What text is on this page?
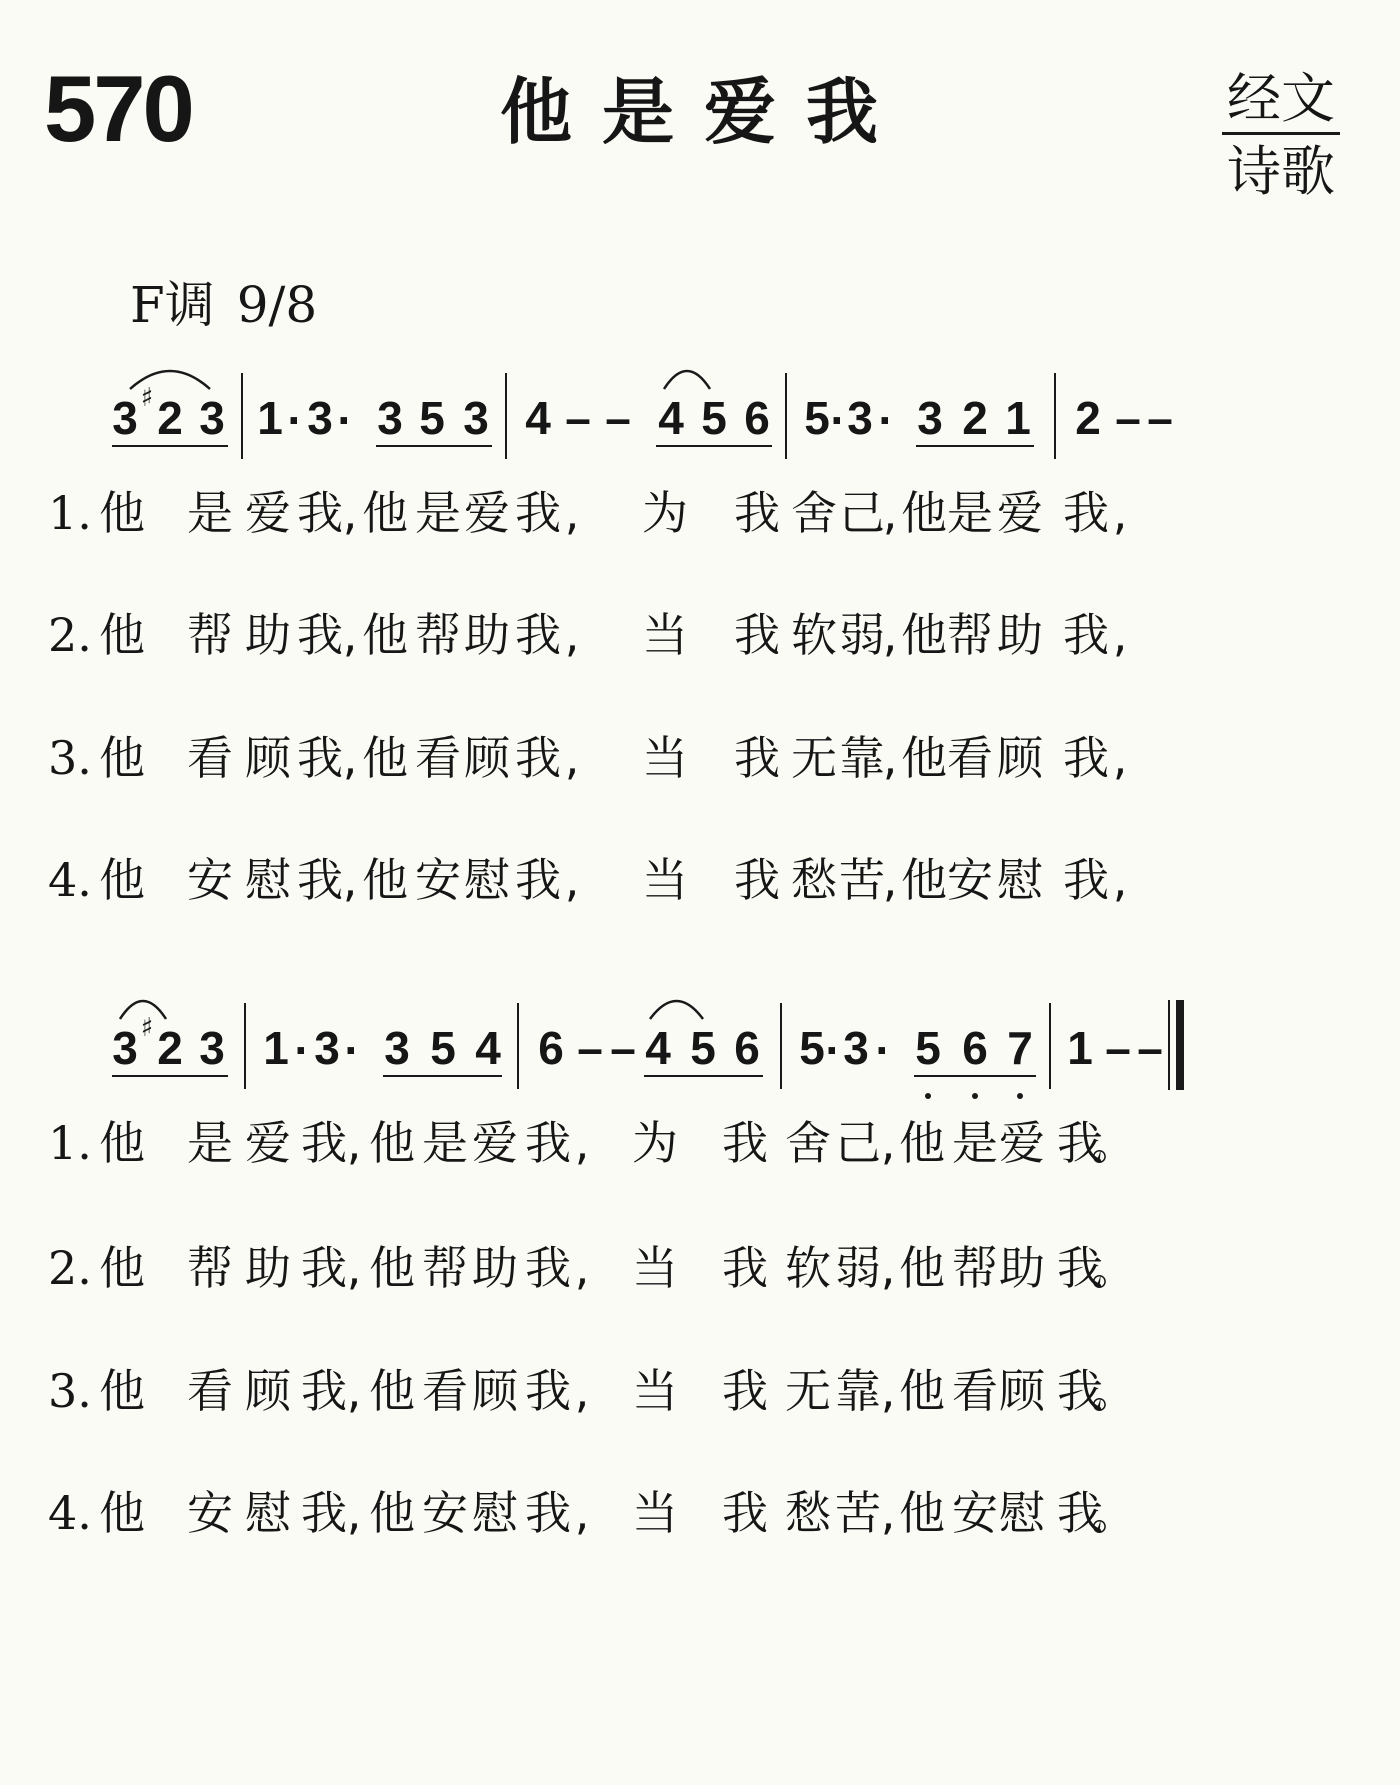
570	他是爱我	经文
诗歌
F调 9/8
3 2 3 1 · 3 · 3 5 3 4 – – 4 5 6 5 · 3 · 3 2 1 2 – –
♯
1. 他 是 爱 我 , 他 是 爱 我 , 为 我 舍 己
, 他 是 爱 我 ,
2. 他 帮 助 我 , 他 帮 助 我 , 当 我 软 弱
, 他 帮 助 我 ,
3. 他 看 顾 我 , 他 看 顾 我 , 当 我 无 靠
, 他 看 顾 我 ,
4. 他 安 慰 我 , 他 安 慰 我 , 当 我 愁 苦
, 他 安 慰 我 ,
3 2 3 1 · 3 · 3 5 4 6 – – 4 5 6 5 · 3 · 5 6 7 1 – –
♯
1. 他 是 爱 我 , 他 是 爱 我 , 为 我 舍 己 , 他 是 爱 我
。
2. 他 帮 助 我 , 他 帮 助 我 , 当 我 软 弱 , 他 帮 助 我
。
3. 他 看 顾 我 , 他 看 顾 我 , 当 我 无 靠 , 他 看 顾 我
。
4. 他 安 慰 我 , 他 安 慰 我 , 当 我 愁 苦 , 他 安 慰 我
。
